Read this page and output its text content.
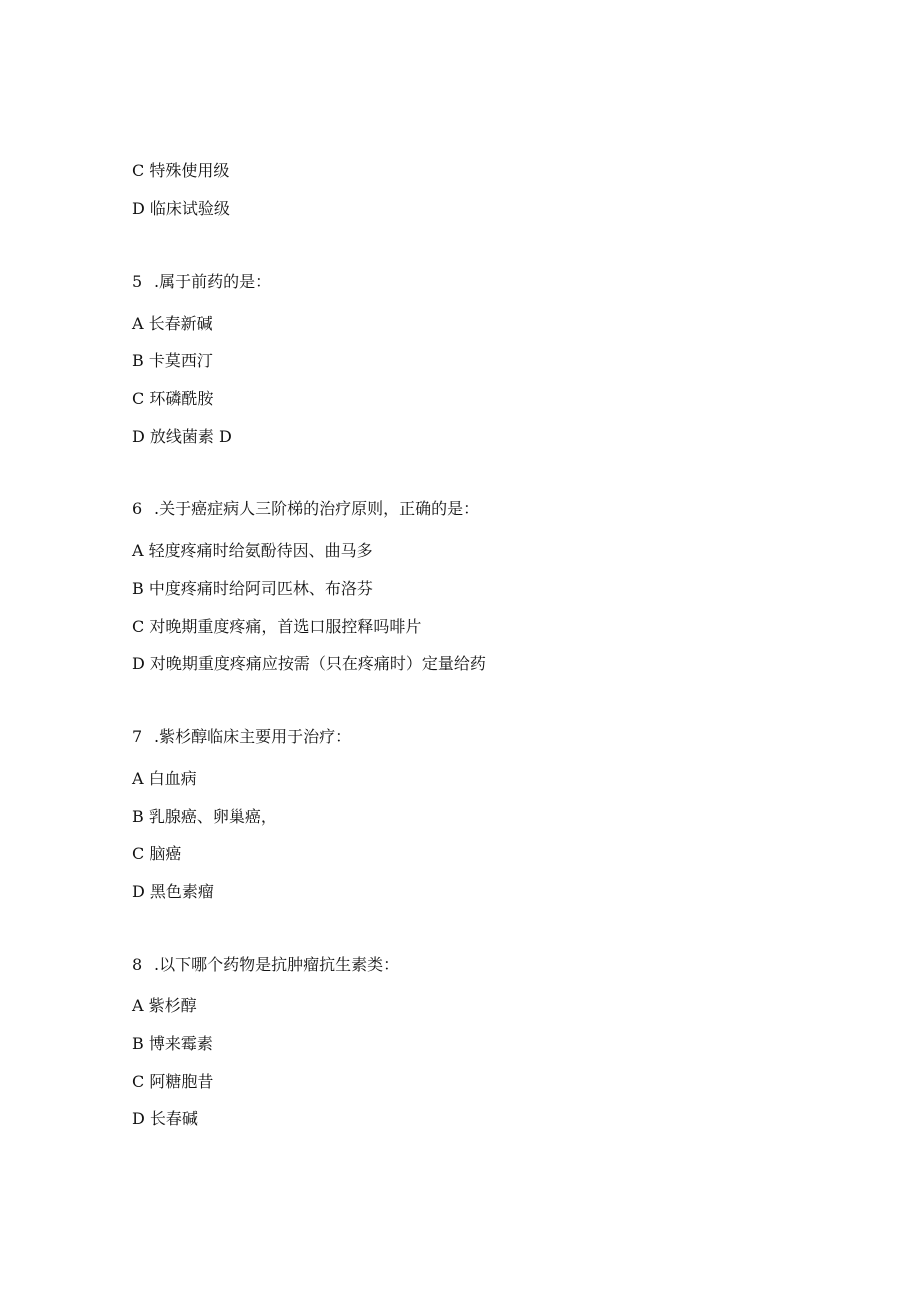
C 特殊使用级
D 临床试验级
5 .属于前药的是：
A 长春新碱
B 卡莫西汀
C 环磷酰胺
D 放线菌素 D
6 .关于癌症病人三阶梯的治疗原则，正确的是：
A 轻度疼痛时给氨酚待因、曲马多
B 中度疼痛时给阿司匹林、布洛芬
C 对晚期重度疼痛，首选口服控释吗啡片
D 对晚期重度疼痛应按需（只在疼痛时）定量给药
7 .紫杉醇临床主要用于治疗：
A 白血病
B 乳腺癌、卵巢癌，
C 脑癌
D 黑色素瘤
8 .以下哪个药物是抗肿瘤抗生素类：
A 紫杉醇
B 博来霉素
C 阿糖胞昔
D 长春碱
